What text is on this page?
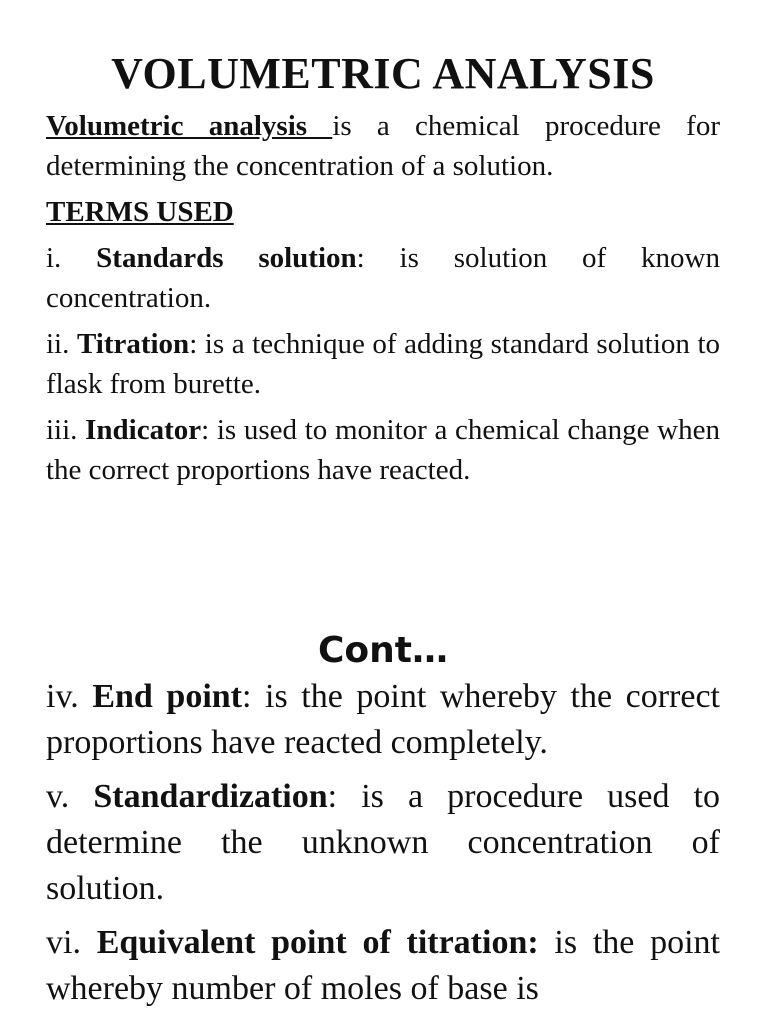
VOLUMETRIC ANALYSIS

Volumetric analysis is a chemical procedure for determining the concentration of a solution.

TERMS USED

i. Standards solution: is solution of known concentration.

ii. Titration: is a technique of adding standard solution to flask from burette.

iii. Indicator: is used to monitor a chemical change when the correct proportions have reacted.

Cont…

iv. End point: is the point whereby the correct proportions have reacted completely.

v. Standardization: is a procedure used to determine the unknown concentration of solution.

vi. Equivalent point of titration: is the point whereby number of moles of base is
